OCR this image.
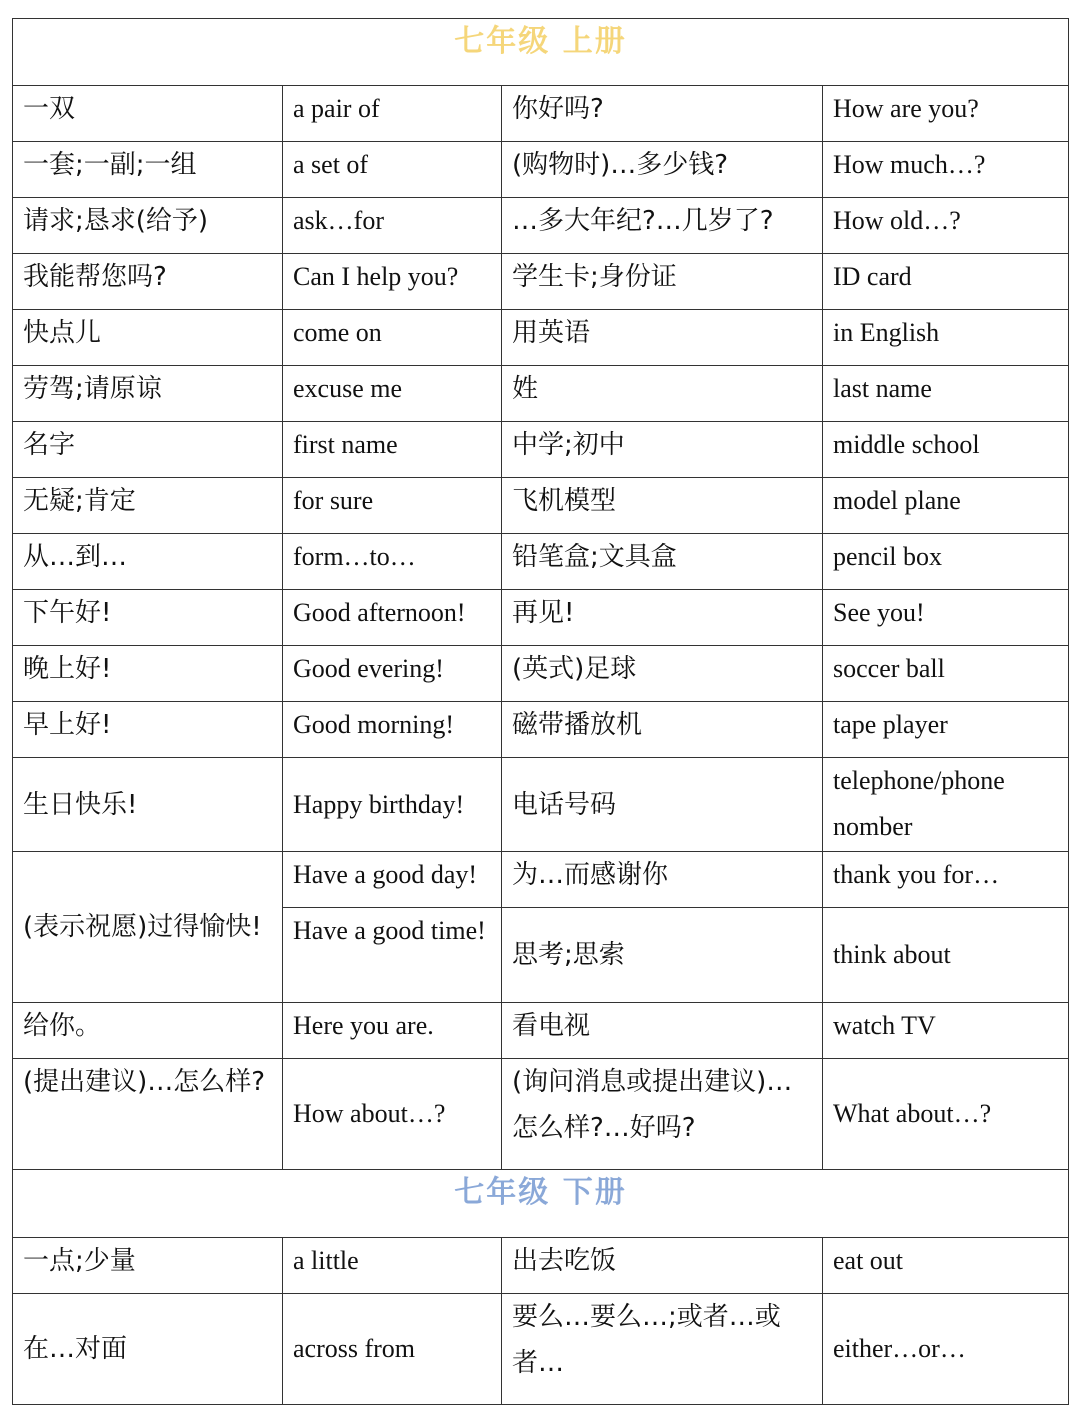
七年级 上册			
一双	a pair of	你好吗?	How are you?
一套;一副;一组	a set of	(购物时)…多少钱?	How much…?
请求;恳求(给予)	ask…for	…多大年纪?…几岁了?	How old…?
我能帮您吗?	Can I help you?	学生卡;身份证	ID card
快点儿	come on	用英语	in English
劳驾;请原谅	excuse me	姓	last name
名字	first name	中学;初中	middle school
无疑;肯定	for sure	飞机模型	model plane
从…到…	form…to…	铅笔盒;文具盒	pencil box
下午好!	Good afternoon!	再见!	See you!
晚上好!	Good evering!	(英式)足球	soccer ball
早上好!	Good morning!	磁带播放机	tape player
生日快乐!	Happy birthday!	电话号码	telephone/phone nomber
(表示祝愿)过得愉快!	Have a good day!	为…而感谢你	thank you for…
	Have a good time!	思考;思索	think about
给你。	Here you are.	看电视	watch TV
(提出建议)…怎么样?	How about…?	(询问消息或提出建议)…怎么样?…好吗?	What about…?
七年级 下册			
一点;少量	a little	出去吃饭	eat out
在…对面	across from	要么…要么…;或者…或者…	either…or…
